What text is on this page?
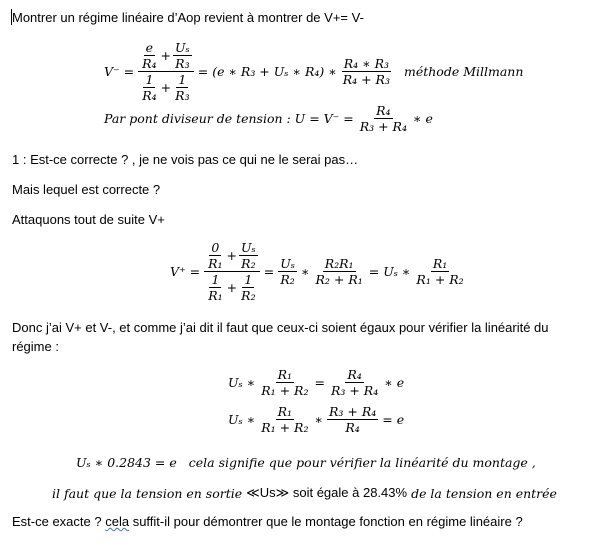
Montrer un régime linéaire d’Aop revient à montrer de V+= V-
$V^- = \frac{\frac{e}{\text{R₄}} + \frac{\text{Uₛ}}{\text{R₃}}}{\frac{1}{\text{R₄}} + \frac{1}{\text{R₃}}} = (e$ ∗ R₃ + Uₛ ∗ R₄) ∗ $\frac{\text{R₄ ∗ R₃}}{\text{R₄ + R₃}}$ méthode Millmann
Par pont diviseur de tension : $U = V^- = \frac{\text{R₄}}{\text{R₃ + R₄}}$ ∗ e
1 : Est-ce correcte ? , je ne vois pas ce qui ne le serai pas…
Mais lequel est correcte ?
Attaquons tout de suite V+
$V^+ = \frac{\frac{0}{\text{R₁}} + \frac{\text{Uₛ}}{\text{R₂}}}{\frac{1}{\text{R₁}} + \frac{1}{\text{R₂}}} = \frac{\text{Uₛ}}{\text{R₂}}$ ∗ $\frac{\text{R₂R₁}}{\text{R₂ + R₁}} = U_s$ ∗ $\frac{\text{R₁}}{\text{R₁ + R₂}}$
Donc j’ai V+ et V-, et comme j’ai dit il faut que ceux-ci soient égaux pour vérifier la linéarité du
régime :
Uₛ ∗ $\frac{\text{R₁}}{\text{R₁ + R₂}} = \frac{\text{R₄}}{\text{R₃ + R₄}}$ ∗ e
Uₛ ∗ $\frac{\text{R₁}}{\text{R₁ + R₂}}$ ∗ $\frac{\text{R₃ + R₄}}{\text{R₄}} = e$
Uₛ ∗ 0.2843 = e cela signifie que pour vérifier la linéarité du montage ,
il faut que la tension en sortie ≪Us≫ soit égale à 28.43% de la tension en entrée
Est-ce exacte ? cela suffit-il pour démontrer que le montage fonction en régime linéaire ?
